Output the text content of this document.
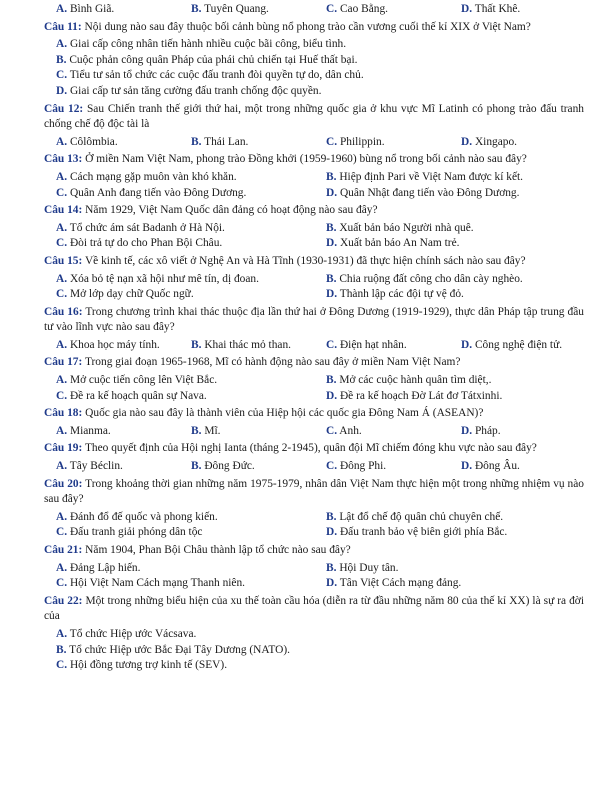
A. Bình Giã.	B. Tuyên Quang.	C. Cao Bằng.	D. Thất Khê.
Câu 11: Nội dung nào sau đây thuộc bối cảnh bùng nổ phong trào cần vương cuối thế kỉ XIX ở Việt Nam?
A. Giai cấp công nhân tiến hành nhiều cuộc bãi công, biểu tình.
B. Cuộc phản công quân Pháp của phái chủ chiến tại Huế thất bại.
C. Tiểu tư sản tổ chức các cuộc đấu tranh đòi quyền tự do, dân chủ.
D. Giai cấp tư sản tăng cường đấu tranh chống độc quyền.
Câu 12: Sau Chiến tranh thế giới thứ hai, một trong những quốc gia ở khu vực Mĩ Latinh có phong trào đấu tranh chống chế độ độc tài là
A. Côlômbia.	B. Thái Lan.	C. Philippin.	D. Xingapo.
Câu 13: Ở miền Nam Việt Nam, phong trào Đồng khởi (1959-1960) bùng nổ trong bối cảnh nào sau đây?
A. Cách mạng gặp muôn vàn khó khăn.	B. Hiệp định Pari về Việt Nam được kí kết.
C. Quân Anh đang tiến vào Đông Dương.	D. Quân Nhật đang tiến vào Đông Dương.
Câu 14: Năm 1929, Việt Nam Quốc dân đảng có hoạt động nào sau đây?
A. Tổ chức ám sát Badanh ở Hà Nội.	B. Xuất bản báo Người nhà quê.
C. Đòi trả tự do cho Phan Bội Châu.	D. Xuất bản báo An Nam trẻ.
Câu 15: Về kinh tế, các xô viết ở Nghệ An và Hà Tĩnh (1930-1931) đã thực hiện chính sách nào sau đây?
A. Xóa bỏ tệ nạn xã hội như mê tín, dị đoan.	B. Chia ruộng đất công cho dân cày nghèo.
C. Mở lớp dạy chữ Quốc ngữ.	D. Thành lập các đội tự vệ đỏ.
Câu 16: Trong chương trình khai thác thuộc địa lần thứ hai ở Đông Dương (1919-1929), thực dân Pháp tập trung đầu tư vào lĩnh vực nào sau đây?
A. Khoa học máy tính.	B. Khai thác mỏ than.	C. Điện hạt nhân.	D. Công nghệ điện tử.
Câu 17: Trong giai đoạn 1965-1968, Mĩ có hành động nào sau đây ở miền Nam Việt Nam?
A. Mở cuộc tiến công lên Việt Bắc.	B. Mở các cuộc hành quân tìm diệt,.
C. Đề ra kế hoạch quân sự Nava.	D. Đề ra kế hoạch Đờ Lát đơ Tátxinhi.
Câu 18: Quốc gia nào sau đây là thành viên của Hiệp hội các quốc gia Đông Nam Á (ASEAN)?
A. Mianma.	B. Mĩ.	C. Anh.	D. Pháp.
Câu 19: Theo quyết định của Hội nghị Ianta (tháng 2-1945), quân đội Mĩ chiếm đóng khu vực nào sau đây?
A. Tây Béclin.	B. Đông Đức.	C. Đông Phi.	D. Đông Âu.
Câu 20: Trong khoảng thời gian những năm 1975-1979, nhân dân Việt Nam thực hiện một trong những nhiệm vụ nào sau đây?
A. Đánh đổ đế quốc và phong kiến.	B. Lật đổ chế độ quân chủ chuyên chế.
C. Đấu tranh giải phóng dân tộc	D. Đấu tranh bảo vệ biên giới phía Bắc.
Câu 21: Năm 1904, Phan Bội Châu thành lập tổ chức nào sau đây?
A. Đảng Lập hiến.	B. Hội Duy tân.
C. Hội Việt Nam Cách mạng Thanh niên.	D. Tân Việt Cách mạng đảng.
Câu 22: Một trong những biểu hiện của xu thế toàn cầu hóa (diễn ra từ đầu những năm 80 của thế kỉ XX) là sự ra đời của
A. Tổ chức Hiệp ước Vácsava.
B. Tổ chức Hiệp ước Bắc Đại Tây Dương (NATO).
C. Hội đồng tương trợ kinh tế (SEV).
